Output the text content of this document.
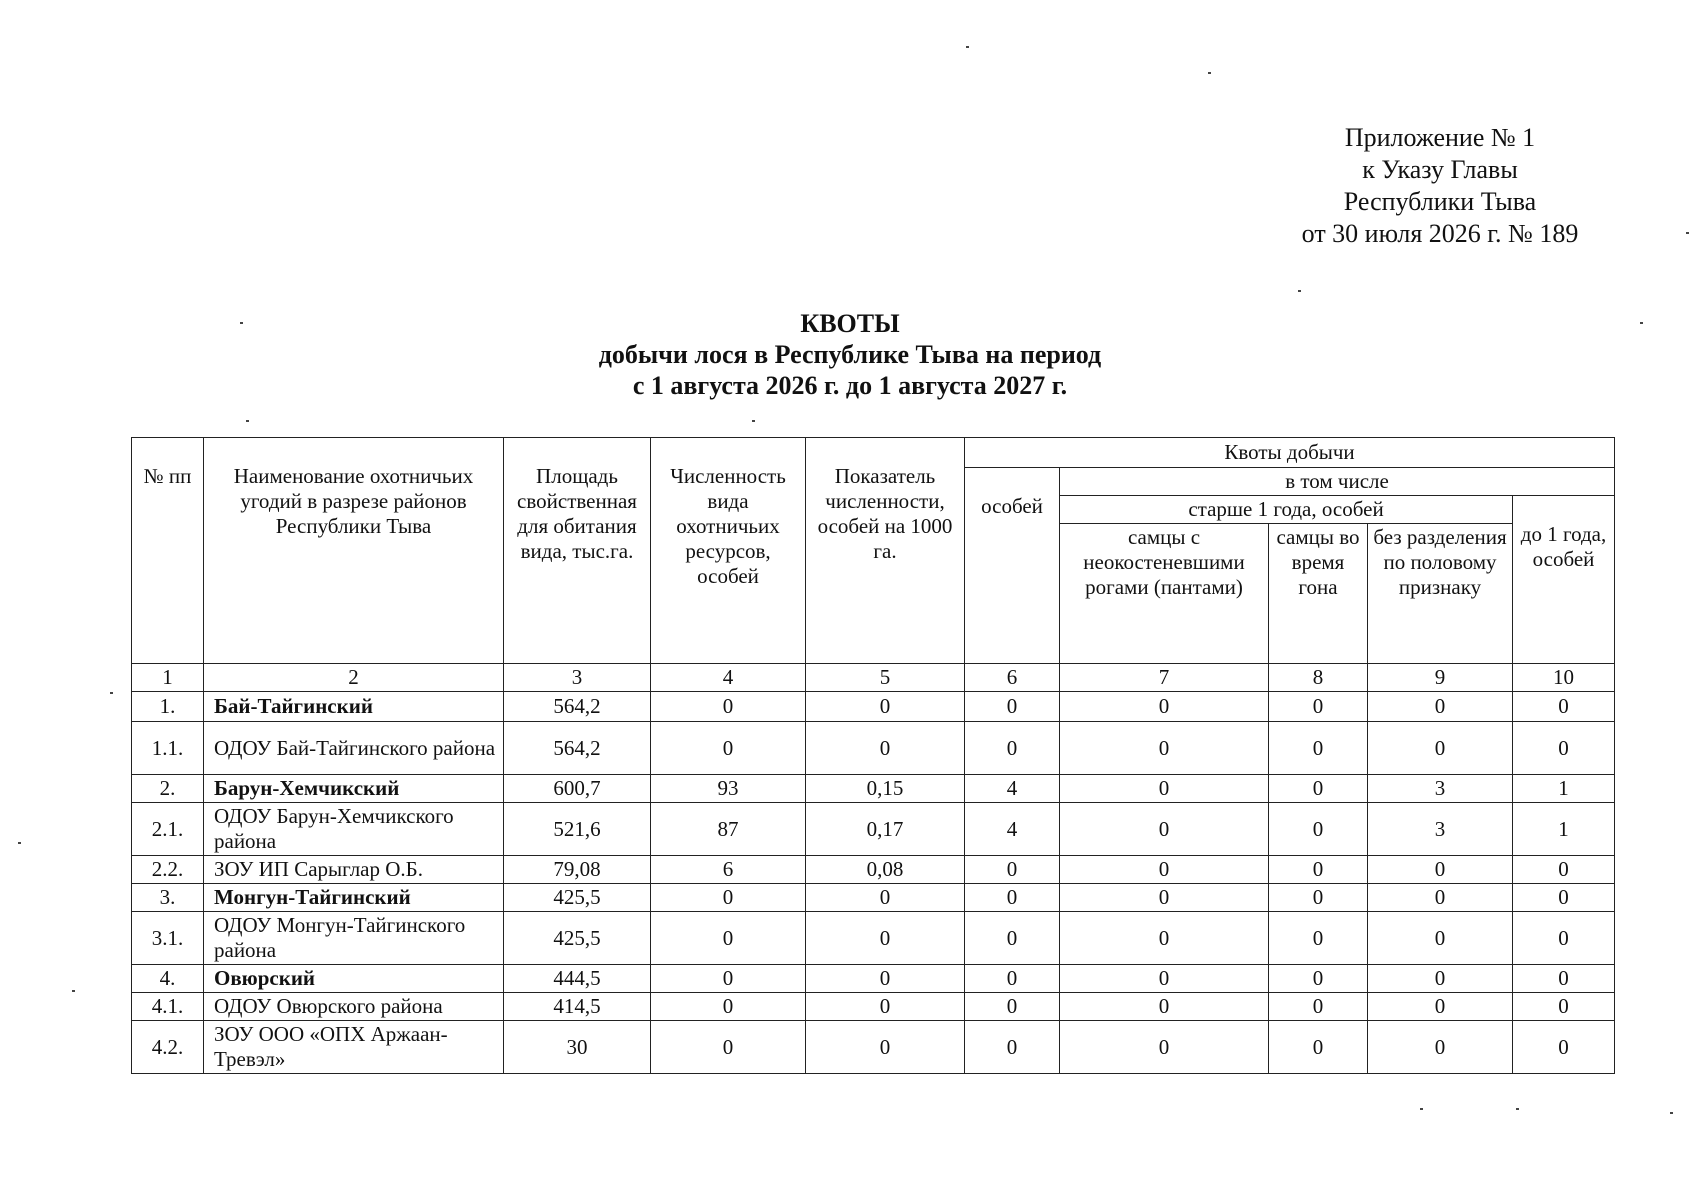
Приложение № 1
к Указу Главы
Республики Тыва
от 30 июля 2026 г. № 189
КВОТЫ
добычи лося в Республике Тыва на период
с 1 августа 2026 г. до 1 августа 2027 г.
№ пп	Наименование охотничьих угодий в разрезе районов Республики Тыва	Площадь свойственная для обитания вида, тыс.га.	Численность вида охотничьих ресурсов, особей	Показатель численности, особей на 1000 га.	Квоты добычи				
					особей	в том числе			
						старше 1 года, особей			до 1 года, особей
						самцы с неокостеневшими рогами (пантами)	самцы во время гона	без разделения по половому признаку	
1	2	3	4	5	6	7	8	9	10
1.	Бай-Тайгинский	564,2	0	0	0	0	0	0	0
1.1.	ОДОУ Бай-Тайгинского района	564,2	0	0	0	0	0	0	0
2.	Барун-Хемчикский	600,7	93	0,15	4	0	0	3	1
2.1.	ОДОУ Барун-Хемчикского района	521,6	87	0,17	4	0	0	3	1
2.2.	ЗОУ ИП Сарыглар О.Б.	79,08	6	0,08	0	0	0	0	0
3.	Монгун-Тайгинский	425,5	0	0	0	0	0	0	0
3.1.	ОДОУ Монгун-Тайгинского района	425,5	0	0	0	0	0	0	0
4.	Овюрский	444,5	0	0	0	0	0	0	0
4.1.	ОДОУ Овюрского района	414,5	0	0	0	0	0	0	0
4.2.	ЗОУ ООО «ОПХ Аржаан-Тревэл»	30	0	0	0	0	0	0	0
